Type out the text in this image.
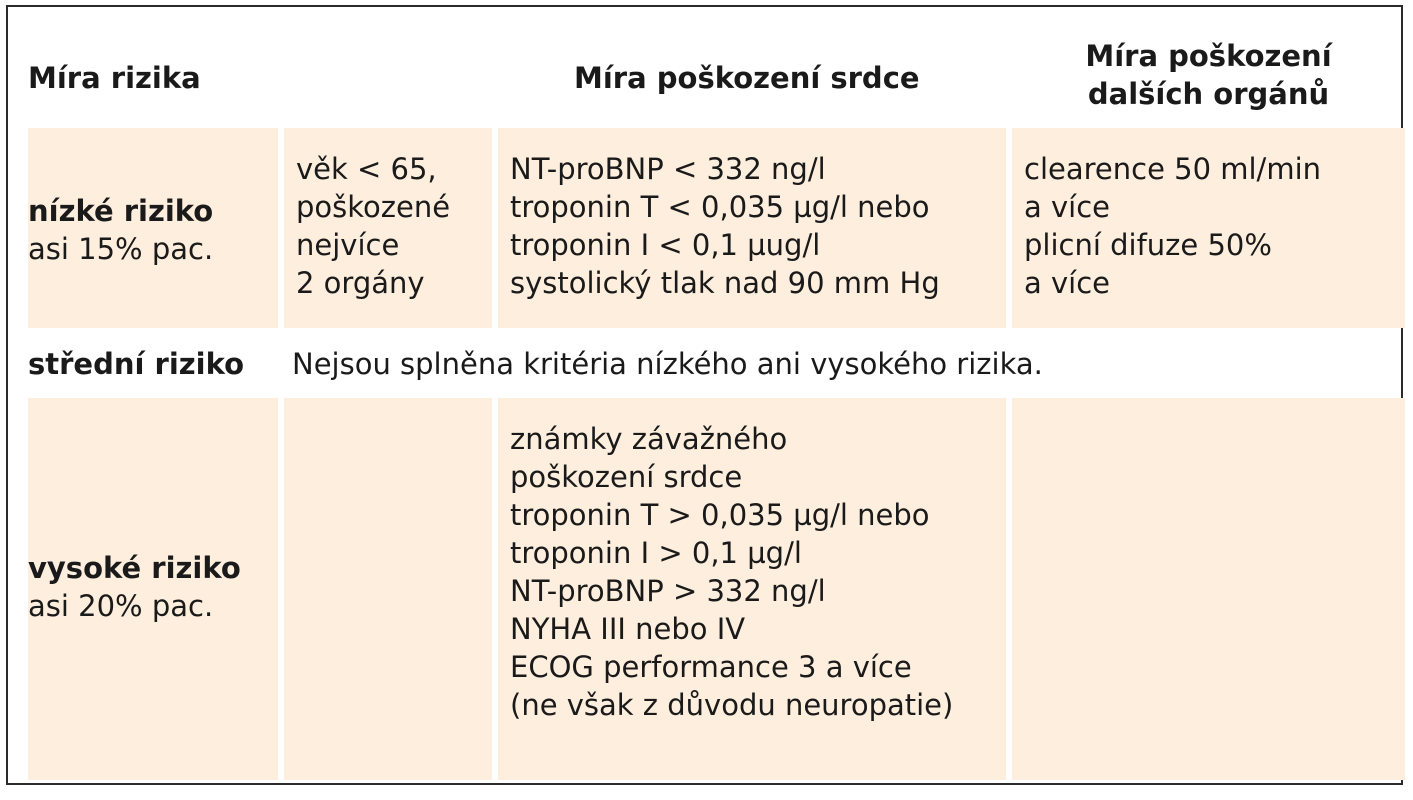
Míra rizika	Míra poškození srdce
Míra poškození
dalších orgánů
nízké riziko
asi 15% pac.
věk < 65,
poškozené
nejvíce
2 orgány
NT-proBNP < 332 ng/l
troponin T < 0,035 µg/l nebo
troponin I < 0,1 µug/l
systolický tlak nad 90 mm Hg
clearence 50 ml/min
a více
plicní difuze 50%
a více
střední riziko	Nejsou splněna kritéria nízkého ani vysokého rizika.
vysoké riziko
asi 20% pac.
známky závažného
poškození srdce
troponin T > 0,035 µg/l nebo
troponin I > 0,1 µg/l
NT-proBNP > 332 ng/l
NYHA III nebo IV
ECOG performance 3 a více
(ne však z důvodu neuropatie)
